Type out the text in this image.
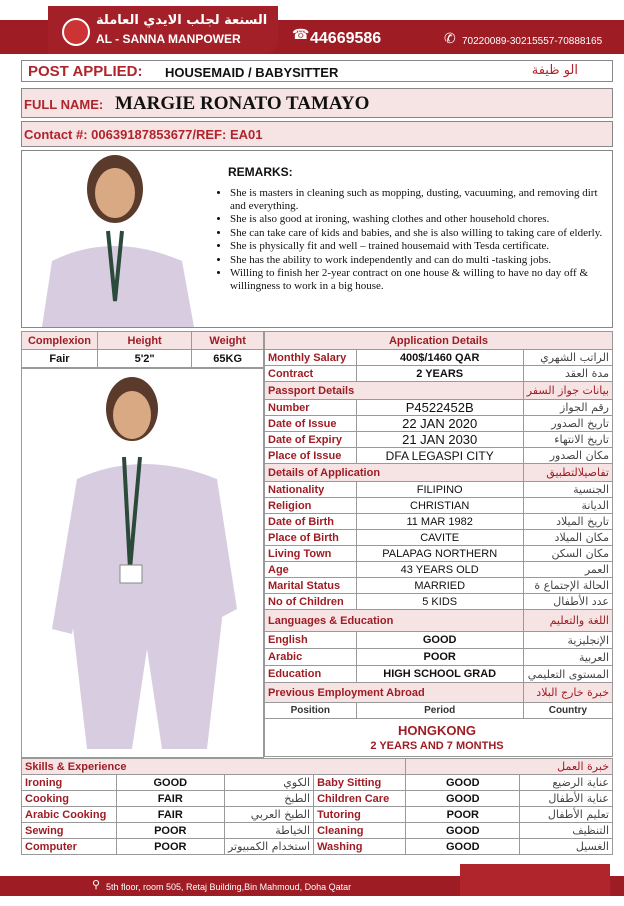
السنعة لجلب الايدي العاملة
AL - SANNA MANPOWER	☎ 44669586	✆ 70220089-30215557-70888165
POST APPLIED: HOUSEMAID / BABYSITTER	الو ظيفة
FULL NAME: MARGIE RONATO TAMAYO
Contact #: 00639187853677/REF: EA01
REMARKS:
• She is masters in cleaning such as mopping, dusting, vacuuming, and removing dirt and everything.
• She is also good at ironing, washing clothes and other household chores.
• She can take care of kids and babies, and she is also willing to taking care of elderly.
• She is physically fit and well – trained housemaid with Tesda certificate.
• She has the ability to work independently and can do multi -tasking jobs.
• Willing to finish her 2-year contract on one house & willing to have no day off & willingness to work in a big house.
Complexion	Height	Weight
Fair	5'2"	65KG
Application Details		
Monthly Salary	400$/1460 QAR	الراتب الشهري
Contract	2 YEARS	مدة العقد
Passport Details		بيانات جواز السفر
Number	P4522452B	رقم الجواز
Date of Issue	22 JAN 2020	تاريخ الصدور
Date of Expiry	21 JAN 2030	تاريخ الانتهاء
Place of Issue	DFA LEGASPI CITY	مكان الصدور
Details of Application		تفاصيلالتطبيق
Nationality	FILIPINO	الجنسية
Religion	CHRISTIAN	الديانة
Date of Birth	11 MAR 1982	تاريخ الميلاد
Place of Birth	CAVITE	مكان الميلاد
Living Town	PALAPAG NORTHERN	مكان السكن
Age	43 YEARS OLD	العمر
Marital Status	MARRIED	الحالة الإجتماع ة
No of Children	5 KIDS	عدد الأطفال
Languages & Education		اللغة والتعليم
English	GOOD	الإنجليزية
Arabic	POOR	العربية
Education	HIGH SCHOOL GRAD	المستوى التعليمي
Previous Employment Abroad		خبرة خارج البلاد
Position	Period	Country

HONGKONG
2 YEARS AND 7 MONTHS		
Skills & Experience				خبرة العمل	
Ironing	GOOD	الكوي	Baby Sitting	GOOD	عناية الرضيع
Cooking	FAIR	الطبخ	Children Care	GOOD	عناية الأطفال
Arabic Cooking	FAIR	الطبخ العربي	Tutoring	POOR	تعليم الأطفال
Sewing	POOR	الخياطة	Cleaning	GOOD	التنظيف
Computer	POOR	استخدام الكمبيوتر	Washing	GOOD	الغسيل
⚲ 5th floor, room 505, Retaj Building,Bin Mahmoud, Doha Qatar
